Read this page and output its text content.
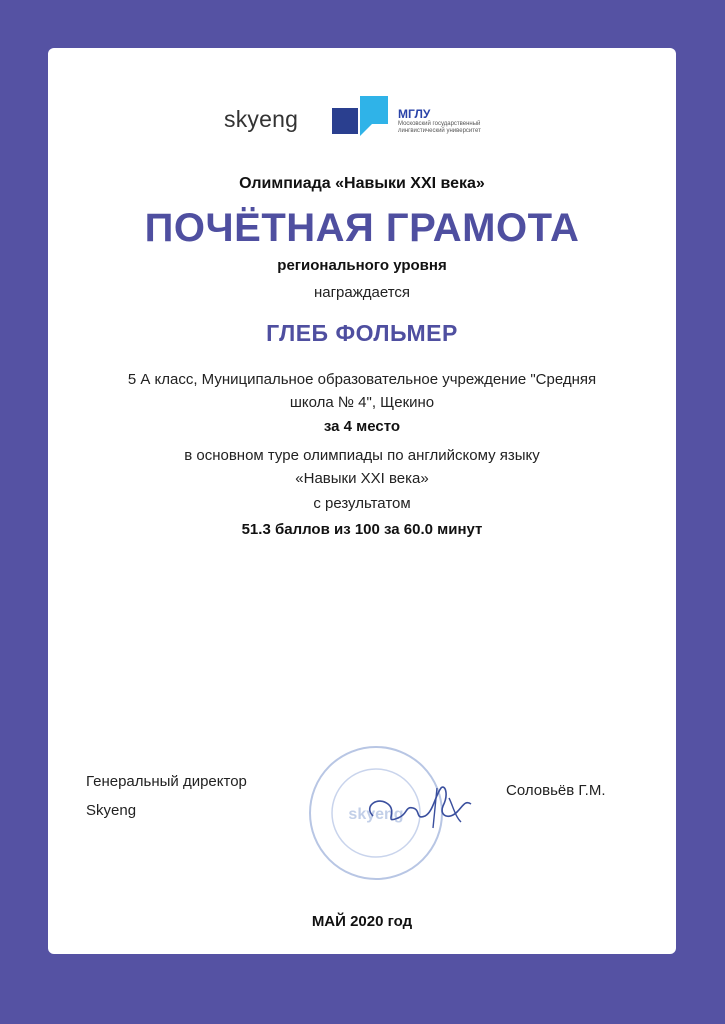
skyeng	МГЛУ
Московский государственный лингвистический университет
Олимпиада «Навыки XXI века»
ПОЧЁТНАЯ ГРАМОТА
регионального уровня
награждается
ГЛЕБ ФОЛЬМЕР
5 А класс, Муниципальное образовательное учреждение "Средняя
школа № 4", Щекино
за 4 место
в основном туре олимпиады по английскому языку
«Навыки XXI века»
с результатом
51.3 баллов из 100 за 60.0 минут
Генеральный директор
Skyeng	skyeng
Соловьёв Г.М.
МАЙ 2020 год
